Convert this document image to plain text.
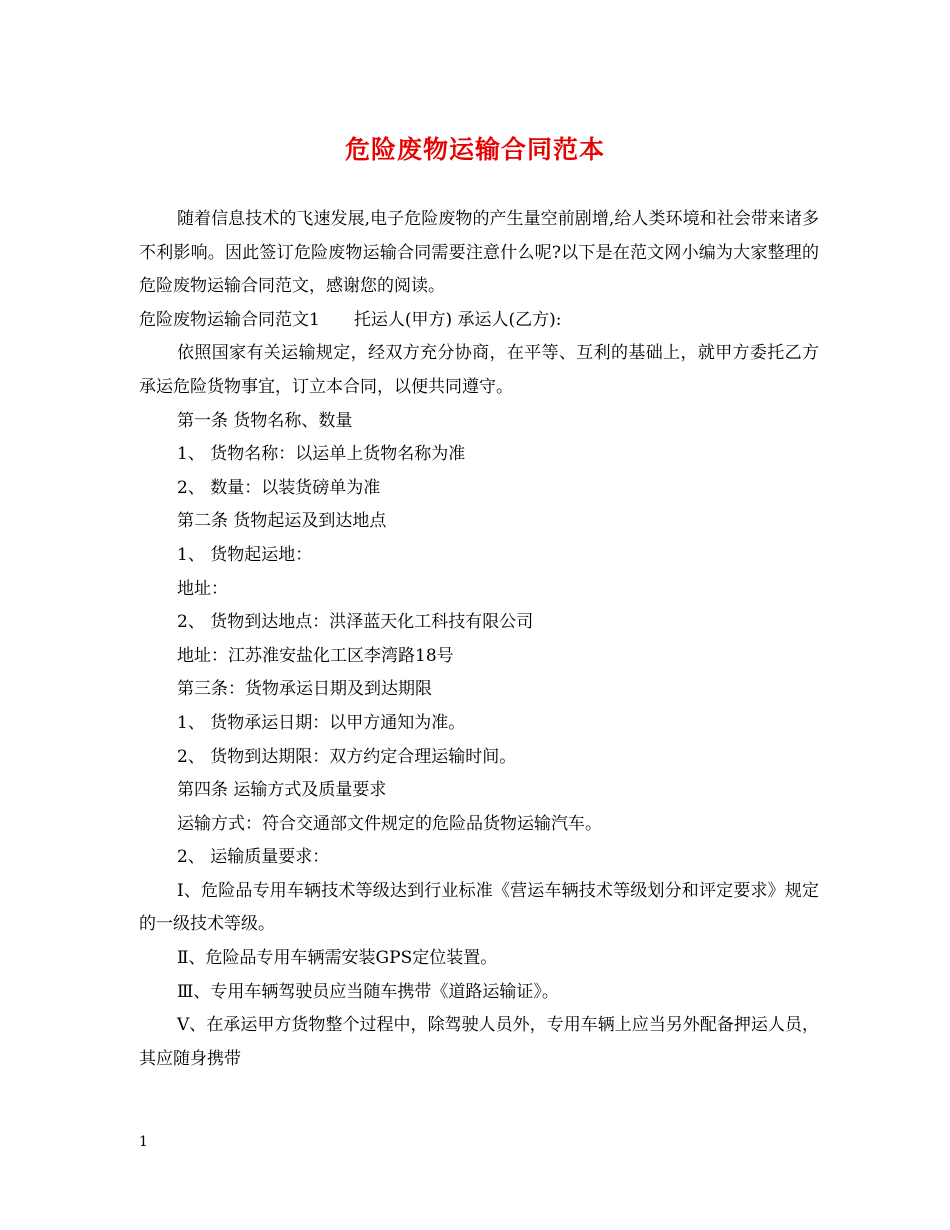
危险废物运输合同范本

随着信息技术的飞速发展,电子危险废物的产生量空前剧增,给人类环境和社会带来诸多不利影响。因此签订危险废物运输合同需要注意什么呢?以下是在范文网小编为大家整理的危险废物运输合同范文，感谢您的阅读。

危险废物运输合同范文1　　托运人(甲方) 承运人(乙方):

依照国家有关运输规定，经双方充分协商，在平等、互利的基础上，就甲方委托乙方承运危险货物事宜，订立本合同，以便共同遵守。

第一条 货物名称、数量

1、 货物名称：以运单上货物名称为准

2、 数量：以装货磅单为准

第二条 货物起运及到达地点

1、 货物起运地：

地址：

2、 货物到达地点：洪泽蓝天化工科技有限公司

地址：江苏淮安盐化工区李湾路18号

第三条：货物承运日期及到达期限

1、 货物承运日期：以甲方通知为准。

2、 货物到达期限：双方约定合理运输时间。

第四条 运输方式及质量要求

运输方式：符合交通部文件规定的危险品货物运输汽车。

2、 运输质量要求：

Ⅰ、危险品专用车辆技术等级达到行业标准《营运车辆技术等级划分和评定要求》规定的一级技术等级。

Ⅱ、危险品专用车辆需安装GPS定位装置。

Ⅲ、专用车辆驾驶员应当随车携带《道路运输证》。

Ⅴ、在承运甲方货物整个过程中，除驾驶人员外，专用车辆上应当另外配备押运人员，其应随身携带

1
